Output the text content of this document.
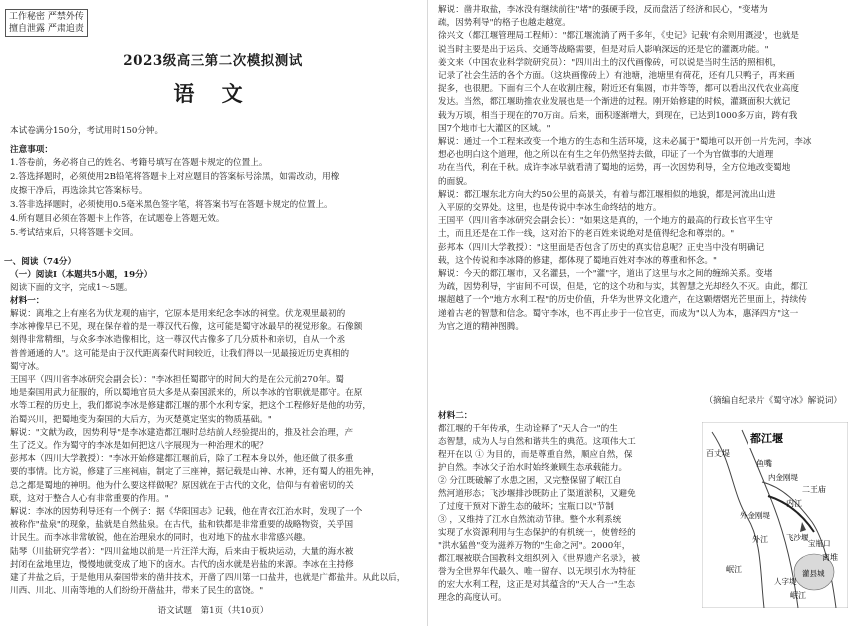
工作秘密 严禁外传
擅自泄露 严肃追责
2023级高三第二次模拟测试
语 文
本试卷满分150分，考试用时150分钟。
注意事项：
1.答卷前，务必将自己的姓名、考籍号填写在答题卡规定的位置上。
2.答选择题时，必须使用2B铅笔将答题卡上对应题目的答案标号涂黑，如需改动，用橡
皮擦干净后，再选涂其它答案标号。
3.答非选择题时，必须使用0.5毫米黑色签字笔，将答案书写在答题卡规定的位置上。
4.所有题目必须在答题卡上作答，在试题卷上答题无效。
5.考试结束后，只将答题卡交回。
一、阅读（74分）
（一）阅读Ⅰ（本题共5小题，19分）
阅读下面的文字，完成1～5题。
材料一：
解说：离堆之上有座名为伏龙观的庙宇，它原本是用来纪念李冰的祠堂。伏龙观里最初的
李冰神像早已不见，现在保存着的是一尊汉代石像，这可能是蜀守冰最早的视觉形象。石像额
刻得非常精细，与众多李冰造像相比，这一尊汉代古像多了几分质朴和亲切，自从一个丞
普普通通的人"。这可能是由于汉代距离秦代时间较近，让我们得以一见最接近历史真相的
蜀守冰。
王国平（四川省李冰研究会副会长）："李冰担任蜀郡守的时间大约是在公元前270年。蜀
地是秦国用武力征服的，所以蜀地官员大多是从秦国派来的，所以李冰的官职就是郡守。在原
水等工程的历史上，我们都说李冰是修建都江堰的那个水利专家，把这个工程修好是他的功劳，
治蜀兴川，把蜀地变为秦国的大后方，为灭楚奠定坚实的物质基础。"
解说："文献为政，因势利导"是李冰建造都江堰时总结前人经验提出的，推及社会治理，产
生了泛义。作为蜀守的李冰是如何把这八字展现为一种治理术的呢？
彭邦本（四川大学教授）："李冰开始修建都江堰前后，除了工程本身以外，他还做了很多重
要的事情。比方说，修建了三座祠庙，制定了三座神，据记载是山神、水神，还有蜀人的祖先神，
总之都是蜀地的神明。他为什么要这样做呢？原因就在于古代的文化，信仰与有着密切的关
联，这对于整合人心有非常重要的作用。"
解说：李冰的因势利导还有一个例子：据《华阳国志》记载，他在青衣江治水时，发现了一个
被称作"盐泉"的现象，盐就是自然盐泉。在古代，盐和铁都是非常重要的战略物资，关乎国
计民生。而李冰非常敏锐，他在治理泉水的同时，也对地下的盐水非常感兴趣。
陆琴（川盐研究学者）："四川盆地以前是一片汪洋大海，后来由于板块运动，大量的海水被
封闭在盆地里边，慢慢地就变成了地下的卤水。古代的卤水就是岩盐的来源。李冰在主持修
建了井盐之后，于是他用从秦国带来的凿井技术，开凿了四川第一口盐井，也就是广都盐井。从此以后，
川西、川北、川南等地的人们纷纷开凿盐井，带来了民生的富饶。"
语文试题　第1页（共10页）
解说：凿井取盐，李冰没有继续前往"堵"的强硬手段，反而盘活了经济和民心，"变堵为
疏，因势利导"的格子也越走越宽。
徐兴文（都江堰管理局工程师）："都江堰流淌了两千多年，《史记》记载'有余则用溉浸'，也就是
说当时主要是出于运兵、交通等战略需要，但是对后人影响深远的还是它的灌溉功能。"
姜文来（中国农业科学院研究员）："四川出土的汉代画像砖，可以说是当时生活的照相机，
记录了社会生活的各个方面。（这块画像砖上）有池塘，池塘里有荷花，还有几只鸭子，再来画
捉多，也很肥。下面有三个人在收割庄稼，附近还有集圆，市井等等，都可以看出汉代农业高度
发达。当然，都江堰助推农业发展也是一个渐进的过程。刚开始修建的时候，灌溉面积大就记
载为万顷，相当于现在的70万亩。后来，面积逐渐增大，到现在，已达到1000多万亩，跨有我
国7个地市七大灌区的区域。"
解说：通过一个工程来改变一个地方的生态和生活环境，这未必属于"蜀地可以开创一片先河，李冰
想必也明白这个道理，他之所以在有生之年仍然坚持去做，印证了一个为官做事的大道理
功在当代，利在千秋。成许李冰早就看清了蜀地的运势，再一次因势利导，全方位地改变蜀地
的面貌。
解说：都江堰东北方向大约50公里的高景关，有着与都江堰相似的地貌，都是河流出山进
入平原的交界处。这里，也是传说中李冰生命终结的地方。
王国平（四川省李冰研究会副会长）："如果这是真的，一个地方的最高的行政长官平生守
土，而且还是在工作一线，这对治下的老百姓来说绝对是值得纪念和尊崇的。"
彭邦本（四川大学教授）："这里面是否包含了历史的真实信息呢？正史当中没有明确记
载，这个传说和李冰降的修建，都体现了蜀地百姓对李冰的尊重和怀念。"
解说：今天的都江堰市，又名灌县，一个"灌"字，道出了这里与水之间的缠绵关系。变堵
为疏，因势利导，宇宙间不可误，但是，它的这个功和与实，其智慧之光却经久不灭。由此，都江
堰超越了一个"地方水利工程"的历史价值，升华为世界文化遗产，在这颗熠熠光芒里面上，持续传
递着古老的智慧和信念。蜀守李冰，也不再止步于一位官吏，而成为"以人为本，惠泽四方"这一
为官之道的精神图腾。
（摘编自纪录片《蜀守冰》解说词）
材料二：
都江堰的千年传承，生动诠释了"天人合一"的生
态智慧，成为人与自然和谐共生的典范。这项伟大工
程开在以 ① 为目的，而是尊重自然，顺应自然，保
护自然。李冰父子治水时始终兼顾生态承载能力。
② 分江既破解了水患之困，又完整保留了岷江自
然河道形态；飞沙堰排沙既防止了渠道淤积，又避免
了过度干预对下游生态的破坏；宝瓶口以"节制
③ ，又维持了江水自然流动节律。整个水利系统
实现了水资源利用与生态保护的有机统一，使曾经的
"洪水猛兽"变为滋养万物的"生命之河"。2000年，
都江堰被联合国教科文组织列入《世界遗产名录》，被
誉为全世界年代最久、唯一留存、以无坝引水为特征
的宏大水利工程，这正是对其蕴含的"天人合一"生态
理念的高度认可。
百丈堤
鱼嘴
内金刚堤
外金刚堤
二王庙
内江
外江 飞沙堰
宝瓶口
离堆
人字堤
岷江
岷江
灌县城
都江堰
